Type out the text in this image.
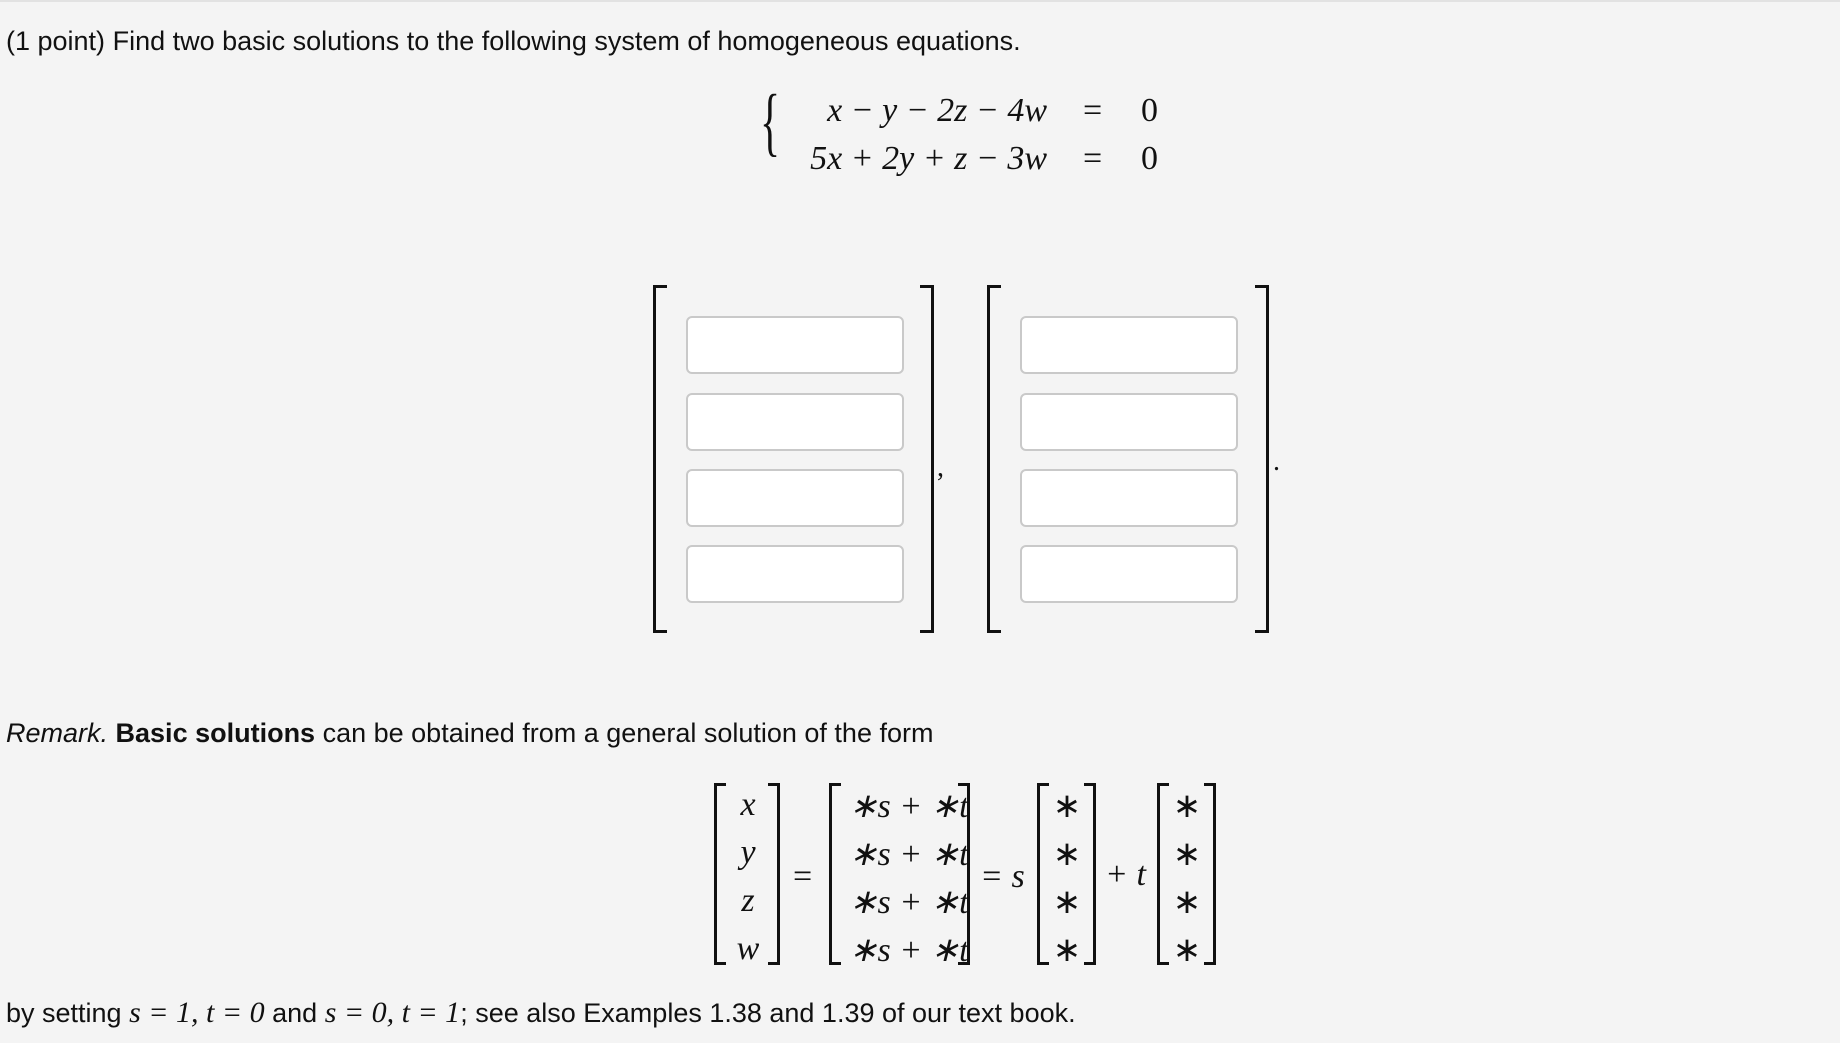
(1 point) Find two basic solutions to the following system of homogeneous equations.
{	x − y − 2z − 4w = 0
5x + 2y + z − 3w = 0
,	.
Remark. Basic solutions can be obtained from a general solution of the form
x
y
z
w
=
∗s + ∗t
∗s + ∗t
∗s + ∗t
∗s + ∗t
= s
∗
∗
∗
∗
+ t
∗
∗
∗
∗
by setting s = 1, t = 0 and s = 0, t = 1; see also Examples 1.38 and 1.39 of our text book.
